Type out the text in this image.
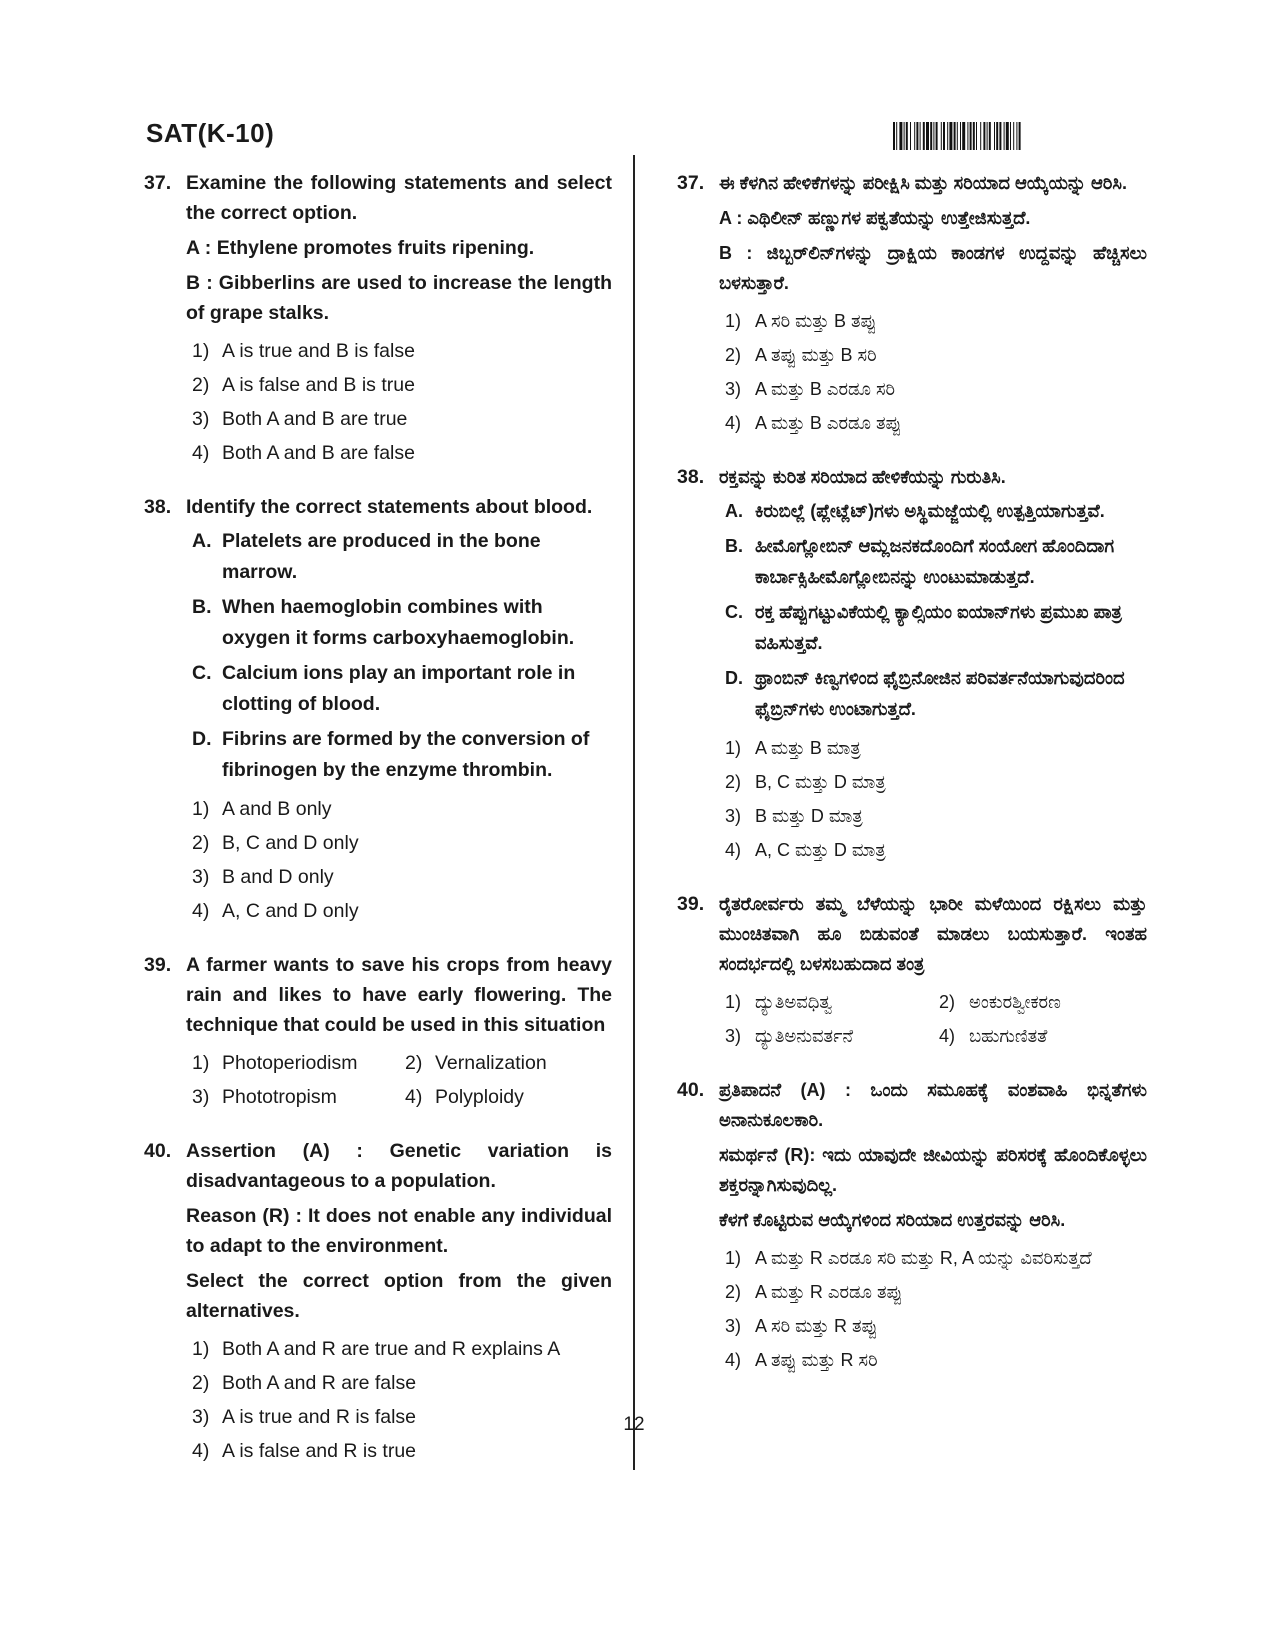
SAT(K-10)
37. Examine the following statements and select the correct option.
A : Ethylene promotes fruits ripening.
B : Gibberlins are used to increase the length of grape stalks.
1) A is true and B is false
2) A is false and B is true
3) Both A and B are true
4) Both A and B are false
38. Identify the correct statements about blood.
A. Platelets are produced in the bone marrow.
B. When haemoglobin combines with oxygen it forms carboxyhaemoglobin.
C. Calcium ions play an important role in clotting of blood.
D. Fibrins are formed by the conversion of fibrinogen by the enzyme thrombin.
1) A and B only
2) B, C and D only
3) B and D only
4) A, C and D only
39. A farmer wants to save his crops from heavy rain and likes to have early flowering. The technique that could be used in this situation
1) Photoperiodism	2) Vernalization
3) Phototropism	4) Polyploidy
40. Assertion (A) : Genetic variation is disadvantageous to a population.
Reason (R) : It does not enable any individual to adapt to the environment.
Select the correct option from the given alternatives.
1) Both A and R are true and R explains A
2) Both A and R are false
3) A is true and R is false
4) A is false and R is true
37. ಈ ಕೆಳಗಿನ ಹೇಳಿಕೆಗಳನ್ನು ಪರೀಕ್ಷಿಸಿ ಮತ್ತು ಸರಿಯಾದ ಆಯ್ಕೆಯನ್ನು ಆರಿಸಿ.
A : ಎಥಿಲೀನ್ ಹಣ್ಣುಗಳ ಪಕ್ವತೆಯನ್ನು ಉತ್ತೇಜಿಸುತ್ತದೆ.
B : ಜಿಬ್ಬರ್‌ಲಿನ್‌ಗಳನ್ನು ದ್ರಾಕ್ಷಿಯ ಕಾಂಡಗಳ ಉದ್ದವನ್ನು ಹೆಚ್ಚಿಸಲು ಬಳಸುತ್ತಾರೆ.
1) A ಸರಿ ಮತ್ತು B ತಪ್ಪು
2) A ತಪ್ಪು ಮತ್ತು B ಸರಿ
3) A ಮತ್ತು B ಎರಡೂ ಸರಿ
4) A ಮತ್ತು B ಎರಡೂ ತಪ್ಪು
38. ರಕ್ತವನ್ನು ಕುರಿತ ಸರಿಯಾದ ಹೇಳಿಕೆಯನ್ನು ಗುರುತಿಸಿ.
A. ಕಿರುಬಿಲ್ಲೆ (ಪ್ಲೇಟ್ಲೆಟ್)ಗಳು ಅಸ್ಥಿಮಜ್ಜೆಯಲ್ಲಿ ಉತ್ಪತ್ತಿಯಾಗುತ್ತವೆ.
B. ಹೀಮೊಗ್ಲೋಬಿನ್ ಆಮ್ಲಜನಕದೊಂದಿಗೆ ಸಂಯೋಗ ಹೊಂದಿದಾಗ ಕಾರ್ಬಾಕ್ಸಿಹೀಮೊಗ್ಲೋಬಿನನ್ನು ಉಂಟುಮಾಡುತ್ತದೆ.
C. ರಕ್ತ ಹೆಪ್ಪುಗಟ್ಟುವಿಕೆಯಲ್ಲಿ ಕ್ಯಾಲ್ಸಿಯಂ ಐಯಾನ್‌ಗಳು ಪ್ರಮುಖ ಪಾತ್ರ ವಹಿಸುತ್ತವೆ.
D. ಥ್ರಾಂಬಿನ್ ಕಿಣ್ವಗಳಿಂದ ಫೈಬ್ರಿನೋಜಿನ ಪರಿವರ್ತನೆಯಾಗುವುದರಿಂದ ಫೈಬ್ರಿನ್‌ಗಳು ಉಂಟಾಗುತ್ತದೆ.
1) A ಮತ್ತು B ಮಾತ್ರ
2) B, C ಮತ್ತು D ಮಾತ್ರ
3) B ಮತ್ತು D ಮಾತ್ರ
4) A, C ಮತ್ತು D ಮಾತ್ರ
39. ರೈತರೋರ್ವರು ತಮ್ಮ ಬೆಳೆಯನ್ನು ಭಾರೀ ಮಳೆಯಿಂದ ರಕ್ಷಿಸಲು ಮತ್ತು ಮುಂಚಿತವಾಗಿ ಹೂ ಬಿಡುವಂತೆ ಮಾಡಲು ಬಯಸುತ್ತಾರೆ. ಇಂತಹ ಸಂದರ್ಭದಲ್ಲಿ ಬಳಸಬಹುದಾದ ತಂತ್ರ
1) ದ್ಯುತಿಅವಧಿತ್ವ	2) ಅಂಕುರಶ್ವೀಕರಣ
3) ದ್ಯುತಿಅನುವರ್ತನೆ	4) ಬಹುಗುಣಿತತೆ
40. ಪ್ರತಿಪಾದನೆ (A) : ಒಂದು ಸಮೂಹಕ್ಕೆ ವಂಶವಾಹಿ ಭಿನ್ನತೆಗಳು ಅನಾನುಕೂಲಕಾರಿ.
ಸಮರ್ಥನೆ (R): ಇದು ಯಾವುದೇ ಜೀವಿಯನ್ನು ಪರಿಸರಕ್ಕೆ ಹೊಂದಿಕೊಳ್ಳಲು ಶಕ್ತರನ್ನಾಗಿಸುವುದಿಲ್ಲ.
ಕೆಳಗೆ ಕೊಟ್ಟಿರುವ ಆಯ್ಕೆಗಳಿಂದ ಸರಿಯಾದ ಉತ್ತರವನ್ನು ಆರಿಸಿ.
1) A ಮತ್ತು R ಎರಡೂ ಸರಿ ಮತ್ತು R, A ಯನ್ನು ವಿವರಿಸುತ್ತದೆ
2) A ಮತ್ತು R ಎರಡೂ ತಪ್ಪು
3) A ಸರಿ ಮತ್ತು R ತಪ್ಪು
4) A ತಪ್ಪು ಮತ್ತು R ಸರಿ
12
